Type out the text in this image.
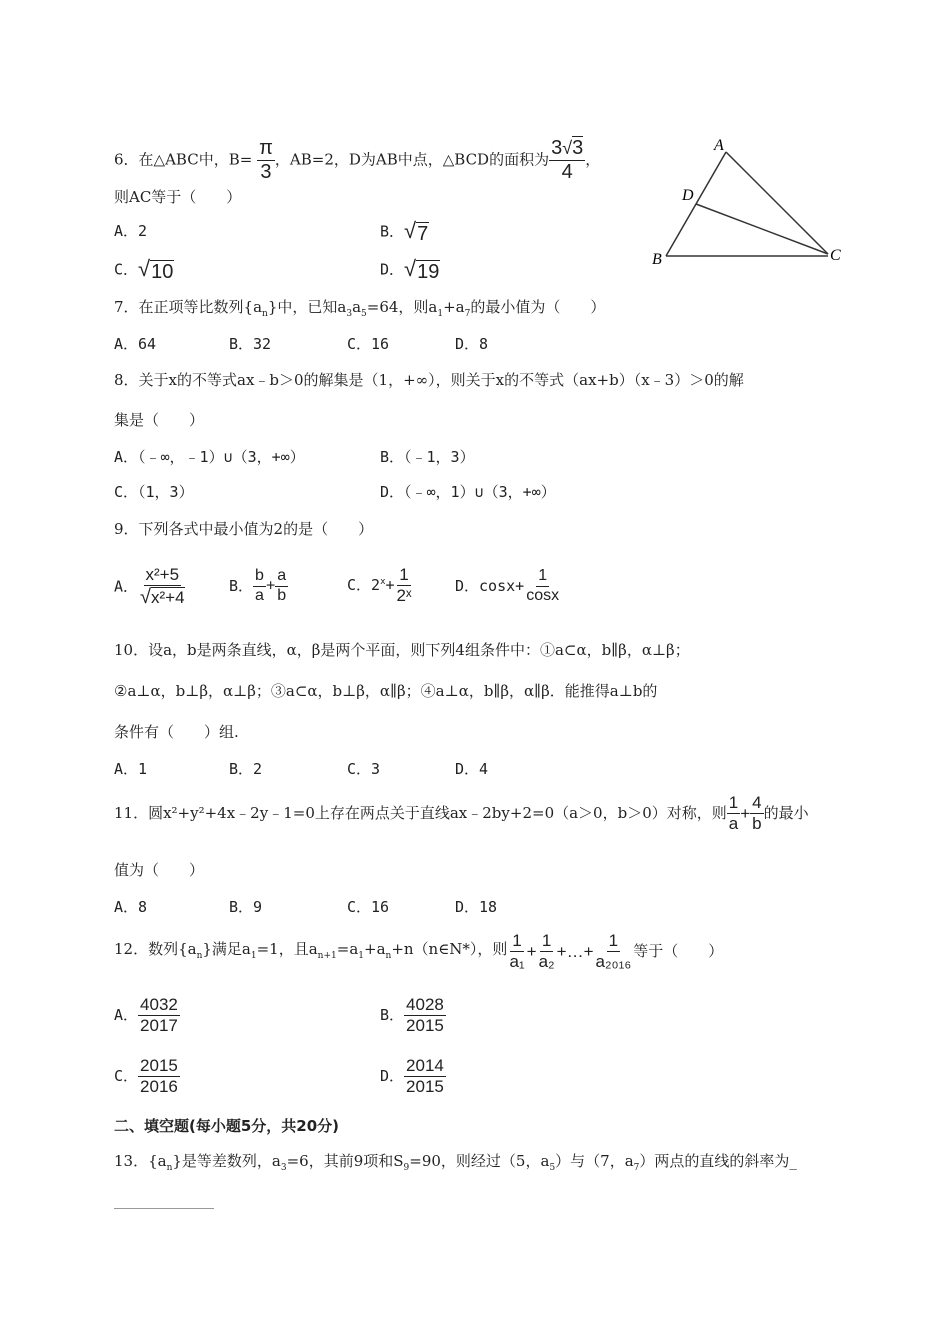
6．在△ABC中，$B= \frac{\pi}{3}$ ，AB=2，D为AB中点，△BCD的面积为 $\frac{3√3}{4}$ ，
则AC等于（　　）
A．2	B． √ 7
C． √ 10	D． √ 19
A
D
B	C
7．在正项等比数列$\{a_n\}$中，已知$a_3a_5=64$，则$a_1+a_7$的最小值为（　　）
A．64	B．32	C．16	D．8
8．关于x的不等式ax﹣b＞0的解集是（1，+∞），则关于x的不等式（ax+b）（x﹣3）＞0的解
集是（　　）
A．（﹣∞，﹣1）∪（3，+∞）	B．（﹣1，3）
C．（1，3）	D．（﹣∞，1）∪（3，+∞）
9．下列各式中最小值为2的是（　　）
A． $\frac{\text{x²+5}}{\text{√x²+4}}$	B． $\frac{b}{a} + \frac{a}{b}$	C．$2^x+ \frac{1}{\text{2ˣ}}$	D．$\cos x+ \frac{1}{\cos x}$
10．设a，b是两条直线，α，β是两个平面，则下列4组条件中：①a⊂α，b∥β，α⊥β；
②a⊥α，b⊥β，α⊥β；③a⊂α，b⊥β，α∥β；④a⊥α，b∥β，α∥β．能推得a⊥b的
条件有（　　）组.
A．1	B．2	C．3	D．4
11．圆x²+y²+4x﹣2y﹣1=0上存在两点关于直线ax﹣2by+2=0（a＞0，b＞0）对称，则 $\frac{1}{a} + \frac{4}{b}$ 的最小
值为（　　）
A．8	B．9	C．16	D．18
12．数列$\{a_n\}$满足$a_1=1$，且$a_{n+1}=a_1+a_n+n(n\in N*)$，则 $\frac{1}{\text{a₁}} + \frac{1}{\text{a₂}}$ +…+ $\frac{1}{\text{a₂₀₁₆}}$ 等于（　　）
A． $\frac{4032}{2017}$	B． $\frac{4028}{2015}$
C． $\frac{2015}{2016}$	D． $\frac{2014}{2015}$
二、填空题(每小题5分，共20分)
13．$\{a_n\}$是等差数列，$a_3=6$，其前9项和$S_9=90$，则经过（5，$a_5$）与（7，$a_7$）两点的直线的斜率为_
